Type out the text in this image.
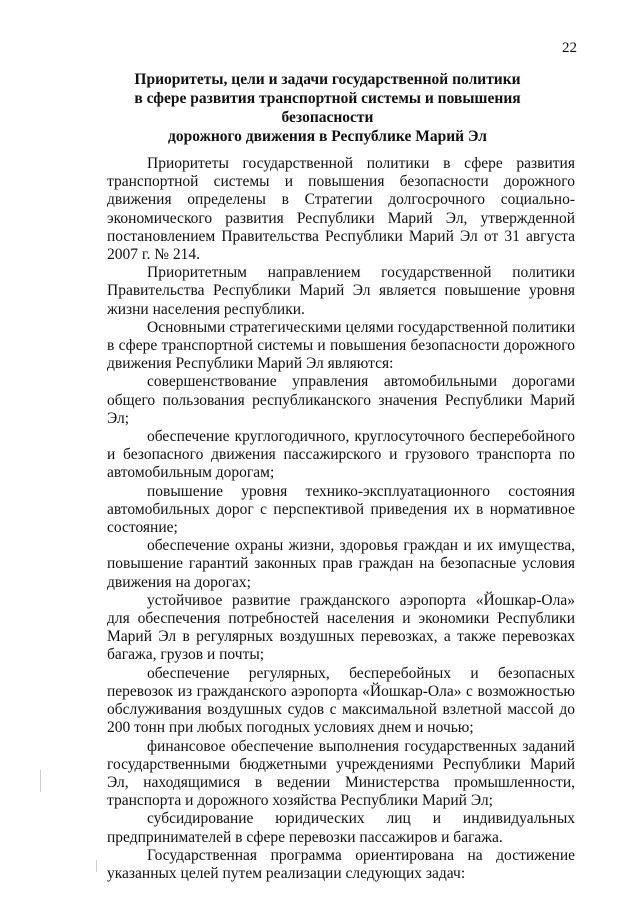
22
Приоритеты, цели и задачи государственной политики
в сфере развития транспортной системы и повышения безопасности
дорожного движения в Республике Марий Эл

Приоритеты государственной политики в сфере развития транспортной системы и повышения безопасности дорожного движения определены в Стратегии долгосрочного социально-экономического развития Республики Марий Эл, утвержденной постановлением Правительства Республики Марий Эл от 31 августа 2007 г. № 214.

Приоритетным направлением государственной политики Правительства Республики Марий Эл является повышение уровня жизни населения республики.

Основными стратегическими целями государственной политики в сфере транспортной системы и повышения безопасности дорожного движения Республики Марий Эл являются:

совершенствование управления автомобильными дорогами общего пользования республиканского значения Республики Марий Эл;

обеспечение круглогодичного, круглосуточного бесперебойного и безопасного движения пассажирского и грузового транспорта по автомобильным дорогам;

повышение уровня технико-эксплуатационного состояния автомобильных дорог с перспективой приведения их в нормативное состояние;

обеспечение охраны жизни, здоровья граждан и их имущества, повышение гарантий законных прав граждан на безопасные условия движения на дорогах;

устойчивое развитие гражданского аэропорта «Йошкар-Ола» для обеспечения потребностей населения и экономики Республики Марий Эл в регулярных воздушных перевозках, а также перевозках багажа, грузов и почты;

обеспечение регулярных, бесперебойных и безопасных перевозок из гражданского аэропорта «Йошкар-Ола» с возможностью обслуживания воздушных судов с максимальной взлетной массой до 200 тонн при любых погодных условиях днем и ночью;

финансовое обеспечение выполнения государственных заданий государственными бюджетными учреждениями Республики Марий Эл, находящимися в ведении Министерства промышленности, транспорта и дорожного хозяйства Республики Марий Эл;

субсидирование юридических лиц и индивидуальных предпринимателей в сфере перевозки пассажиров и багажа.

Государственная программа ориентирована на достижение указанных целей путем реализации следующих задач:
